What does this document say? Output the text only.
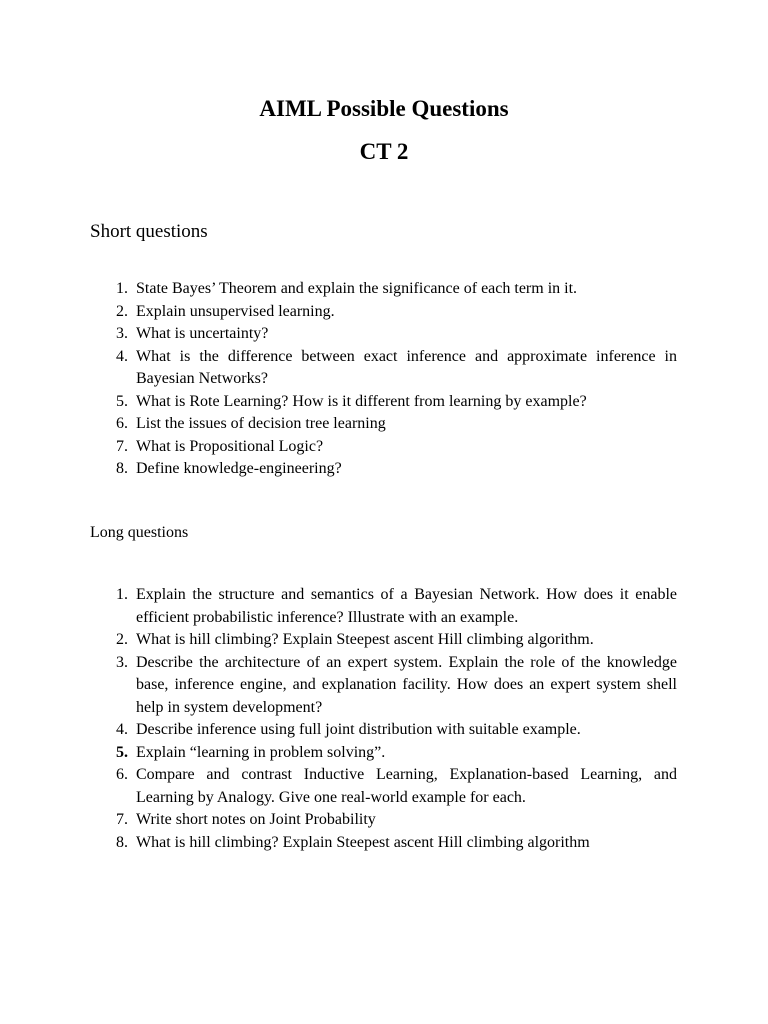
AIML Possible Questions
CT 2
Short questions
1. State Bayes’ Theorem and explain the significance of each term in it.
2. Explain unsupervised learning.
3. What is uncertainty?
4. What is the difference between exact inference and approximate inference in Bayesian Networks?
5. What is Rote Learning? How is it different from learning by example?
6. List the issues of decision tree learning
7. What is Propositional Logic?
8. Define knowledge-engineering?
Long questions
1. Explain the structure and semantics of a Bayesian Network. How does it enable efficient probabilistic inference? Illustrate with an example.
2. What is hill climbing? Explain Steepest ascent Hill climbing algorithm.
3. Describe the architecture of an expert system. Explain the role of the knowledge base, inference engine, and explanation facility. How does an expert system shell help in system development?
4. Describe inference using full joint distribution with suitable example.
5. Explain “learning in problem solving”.
6. Compare and contrast Inductive Learning, Explanation-based Learning, and Learning by Analogy. Give one real-world example for each.
7. Write short notes on Joint Probability
8. What is hill climbing? Explain Steepest ascent Hill climbing algorithm
